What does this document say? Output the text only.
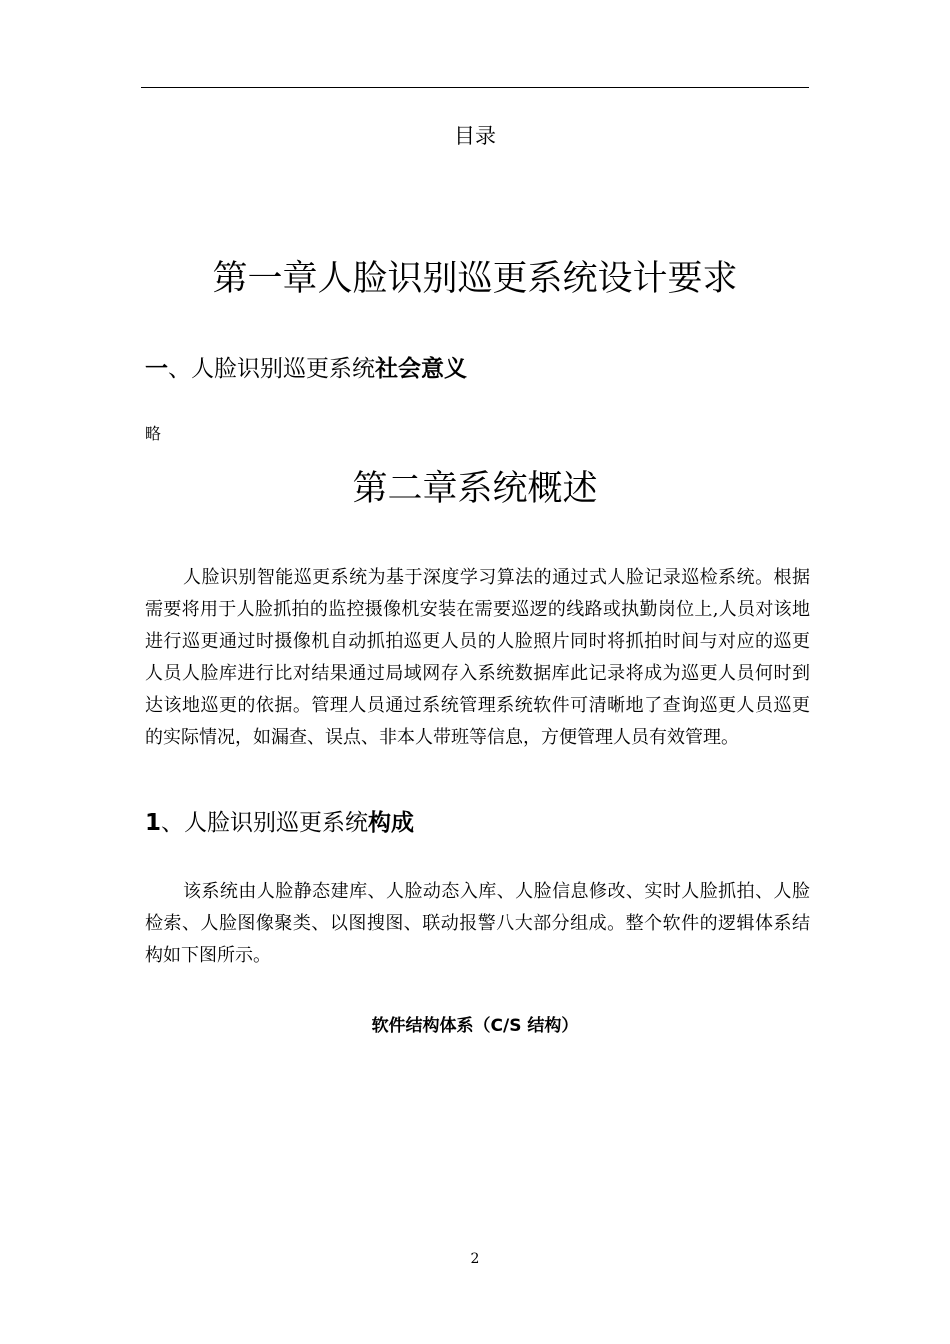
目录
第一章人脸识别巡更系统设计要求
一、人脸识别巡更系统社会意义
略
第二章系统概述

人脸识别智能巡更系统为基于深度学习算法的通过式人脸记录巡检系统。根据需要将用于人脸抓拍的监控摄像机安装在需要巡逻的线路或执勤岗位上,人员对该地进行巡更通过时摄像机自动抓拍巡更人员的人脸照片同时将抓拍时间与对应的巡更人员人脸库进行比对结果通过局域网存入系统数据库此记录将成为巡更人员何时到达该地巡更的依据。管理人员通过系统管理系统软件可清晰地了查询巡更人员巡更的实际情况，如漏查、误点、非本人带班等信息，方便管理人员有效管理。

1、人脸识别巡更系统构成

该系统由人脸静态建库、人脸动态入库、人脸信息修改、实时人脸抓拍、人脸检索、人脸图像聚类、以图搜图、联动报警八大部分组成。整个软件的逻辑体系结构如下图所示。

软件结构体系（C/S 结构）
2
